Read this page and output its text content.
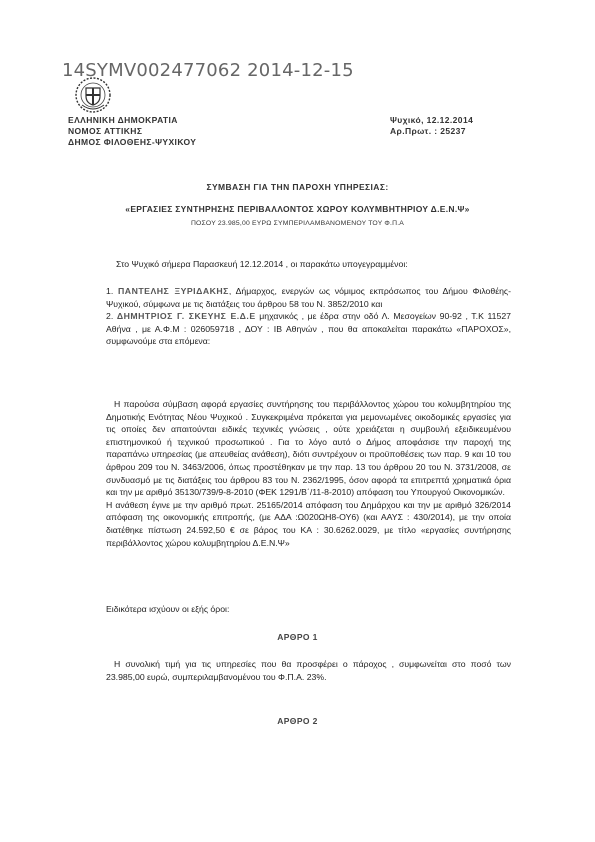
14SYMV002477062 2014-12-15
ΕΛΛΗΝΙΚΗ ΔΗΜΟΚΡΑΤΙΑ
ΝΟΜΟΣ ΑΤΤΙΚΗΣ
ΔΗΜΟΣ ΦΙΛΟΘΕΗΣ-ΨΥΧΙΚΟΥ
Ψυχικό, 12.12.2014
Αρ.Πρωτ. : 25237
ΣΥΜΒΑΣΗ ΓΙΑ ΤΗΝ ΠΑΡΟΧΗ ΥΠΗΡΕΣΙΑΣ:
«ΕΡΓΑΣΙΕΣ ΣΥΝΤΗΡΗΣΗΣ ΠΕΡΙΒΑΛΛΟΝΤΟΣ ΧΩΡΟΥ ΚΟΛΥΜΒΗΤΗΡΙΟΥ Δ.Ε.Ν.Ψ»
ΠΟΣΟΥ 23.985,00 ΕΥΡΩ ΣΥΜΠΕΡΙΛΑΜΒΑΝΟΜΕΝΟΥ ΤΟΥ Φ.Π.Α
Στο Ψυχικό σήμερα Παρασκευή 12.12.2014 , οι παρακάτω υπογεγραμμένοι:
1. ΠΑΝΤΕΛΗΣ ΞΥΡΙΔΑΚΗΣ, Δήμαρχος, ενεργών ως νόμιμος εκπρόσωπος του Δήμου Φιλοθέης-Ψυχικού, σύμφωνα με τις διατάξεις του άρθρου 58 του Ν. 3852/2010 και
2. ΔΗΜΗΤΡΙΟΣ Γ. ΣΚΕΥΗΣ Ε.Δ.Ε μηχανικός , με έδρα στην οδό Λ. Μεσογείων 90-92 , Τ.Κ 11527 Αθήνα , με Α.Φ.Μ : 026059718 , ΔΟΥ : ΙΒ Αθηνών , που θα αποκαλείται παρακάτω «ΠΑΡΟΧΟΣ», συμφωνούμε στα επόμενα:
Η παρούσα σύμβαση αφορά εργασίες συντήρησης του περιβάλλοντος χώρου του κολυμβητηρίου της Δημοτικής Ενότητας Νέου Ψυχικού . Συγκεκριμένα πρόκειται για μεμονωμένες οικοδομικές εργασίες για τις οποίες δεν απαιτούνται ειδικές τεχνικές γνώσεις , ούτε χρειάζεται η συμβουλή εξειδικευμένου επιστημονικού ή τεχνικού προσωπικού . Για το λόγο αυτό ο Δήμος αποφάσισε την παροχή της παραπάνω υπηρεσίας (με απευθείας ανάθεση), διότι συντρέχουν οι προϋποθέσεις των παρ. 9 και 10 του άρθρου 209 του Ν. 3463/2006, όπως προστέθηκαν με την παρ. 13 του άρθρου 20 του Ν. 3731/2008, σε συνδυασμό με τις διατάξεις του άρθρου 83 του Ν. 2362/1995, όσον αφορά τα επιτρεπτά χρηματικά όρια και την με αριθμό 35130/739/9-8-2010 (ΦΕΚ 1291/Β΄/11-8-2010) απόφαση του Υπουργού Οικονομικών.
Η ανάθεση έγινε με την αριθμό πρωτ. 25165/2014 απόφαση του Δημάρχου και την με αριθμό 326/2014 απόφαση της οικονομικής επιτροπής, (με ΑΔΑ :Ω020ΩΗ8-ΟΥ6) (και ΑΑΥΣ : 430/2014), με την οποία διατέθηκε πίστωση 24.592,50 € σε βάρος του ΚΑ : 30.6262.0029, με τίτλο «εργασίες συντήρησης περιβάλλοντος χώρου κολυμβητηρίου Δ.Ε.Ν.Ψ»
Ειδικότερα ισχύουν οι εξής όροι:
ΑΡΘΡΟ 1
Η συνολική τιμή για τις υπηρεσίες που θα προσφέρει ο πάροχος , συμφωνείται στο ποσό των 23.985,00 ευρώ, συμπεριλαμβανομένου του Φ.Π.Α. 23%.
ΑΡΘΡΟ 2
